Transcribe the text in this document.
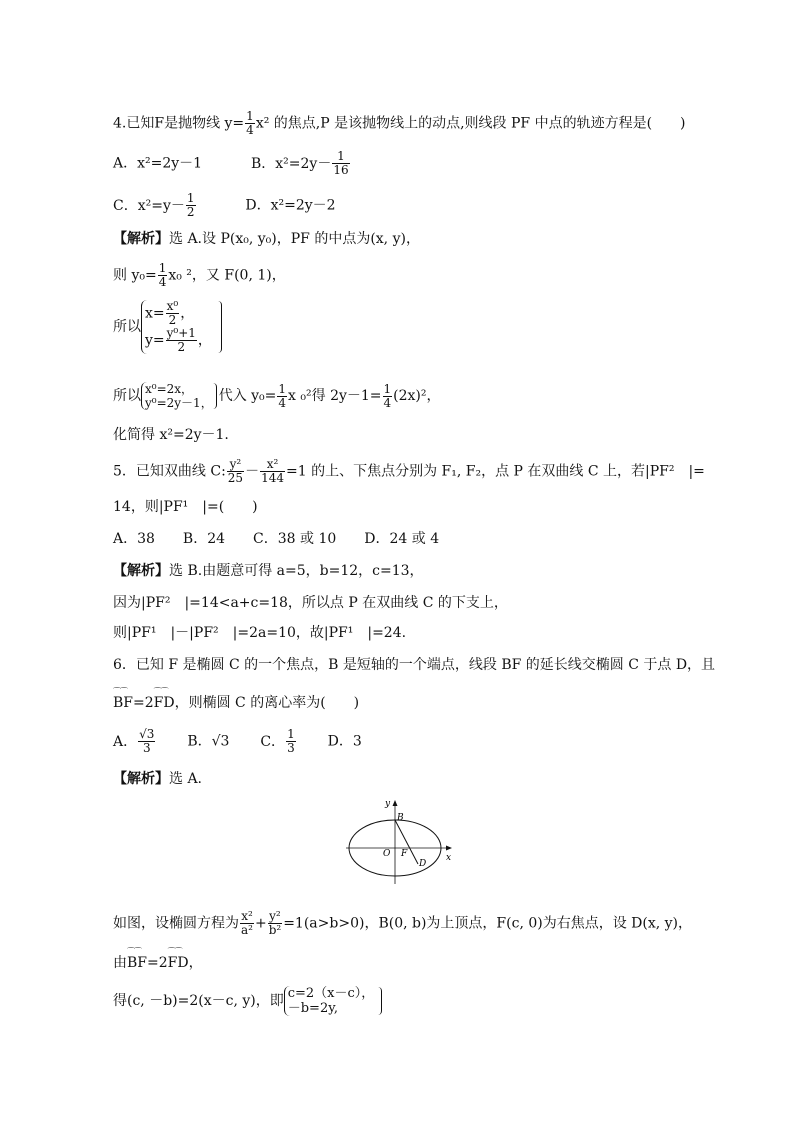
4.已知F是抛物线 $y= \frac{1}{4} x^2$ 的焦点,P 是该抛物线上的动点,则线段 PF 中点的轨迹方程是(　　)
A．x²=2y－1	B．$x^2=2y- \frac{1}{16}$
C．$x^2=y- \frac{1}{2}$	D．x²=2y－2
【解析】选 A.设 P(x₀, y₀)，PF 的中点为(x, y)，
则 $y_0= \frac{1}{4} x_0$ ²，又 F(0, 1)，
所以
$x= \frac{\text{x⁰}}{2}$ ，
$y= \frac{\text{y⁰+1}}{2}$ ，
所以 x⁰=2x，
y⁰=2y－1， 代入 $y_0= \frac{1}{4}$ x ₀²得 $2y-1= \frac{1}{4} (2x)^2$，
化简得 x²=2y－1.
5．已知双曲线 C: $\frac{\text{y²}}{25} - \frac{\text{x²}}{144} =1$ 的上、下焦点分别为 F₁, F₂，点 P 在双曲线 C 上，若|PF²　|=
14，则|PF¹　|=(　　)
A．38　　B．24　　C．38 或 10　　D．24 或 4
【解析】选 B.由题意可得 a=5，b=12，c=13，
因为|PF²　|=14<a+c=18，所以点 P 在双曲线 C 的下支上，
则|PF¹　|－|PF²　|=2a=10，故|PF¹　|=24.
6．已知 F 是椭圆 C 的一个焦点，B 是短轴的一个端点，线段 BF 的延长线交椭圆 C 于点 D，且
⌒⌒ BF=2⌒⌒ FD，则椭圆 C 的离心率为(　　)
A． $\frac{√3}{3}$ B．√3 C． $\frac{1}{3}$ D．3
【解析】选 A.
y
x
B
O F
D
如图，设椭圆方程为 $\frac{\text{x²}}{\text{a²}} + \frac{\text{y²}}{\text{b²}} =1(a>b>0)$，B(0, b)为上顶点，F(c, 0)为右焦点，设 D(x, y)，
由⌒⌒ BF=2⌒⌒ FD，
得(c, －b)=2(x－c, y)，即 c=2（x－c），
－b=2y,
